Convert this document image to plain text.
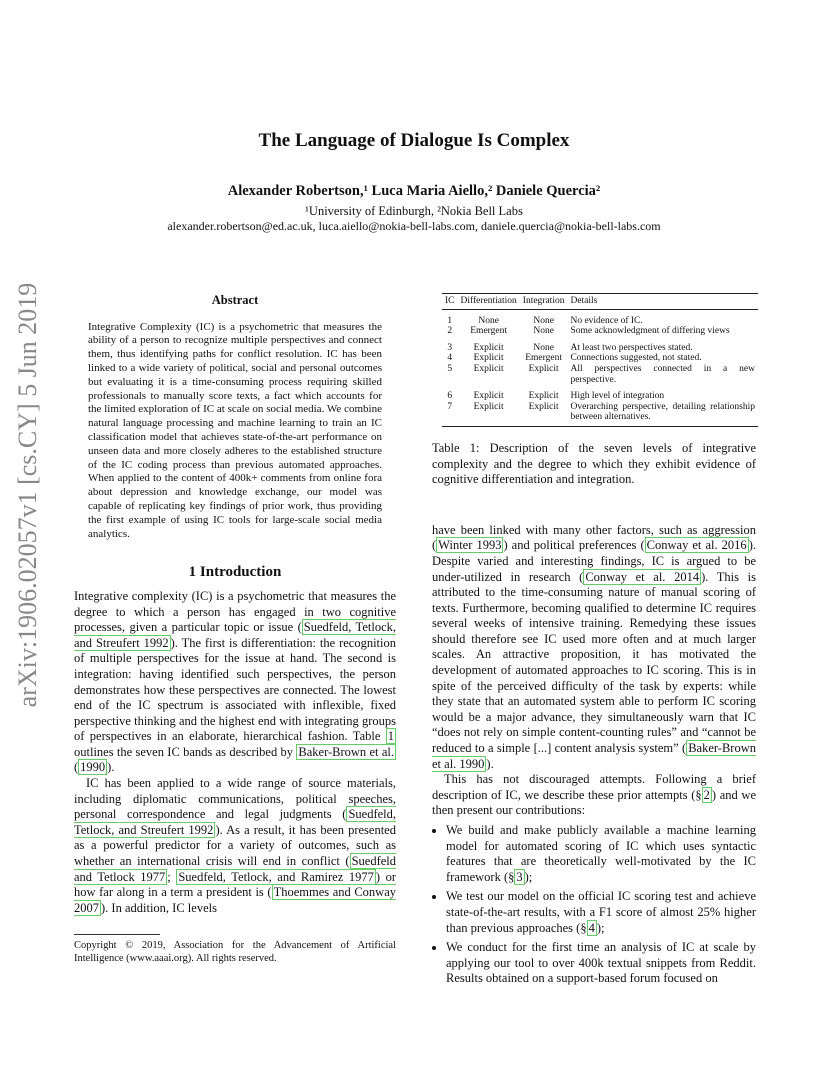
The Language of Dialogue Is Complex
Alexander Robertson,¹ Luca Maria Aiello,² Daniele Quercia²
¹University of Edinburgh, ²Nokia Bell Labs
alexander.robertson@ed.ac.uk, luca.aiello@nokia-bell-labs.com, daniele.quercia@nokia-bell-labs.com
arXiv:1906.02057v1 [cs.CY] 5 Jun 2019	Abstract
Integrative Complexity (IC) is a psychometric that measures the ability of a person to recognize multiple perspectives and connect them, thus identifying paths for conflict resolution. IC has been linked to a wide variety of political, social and personal outcomes but evaluating it is a time-consuming process requiring skilled professionals to manually score texts, a fact which accounts for the limited exploration of IC at scale on social media. We combine natural language processing and machine learning to train an IC classification model that achieves state-of-the-art performance on unseen data and more closely adheres to the established structure of the IC coding process than previous automated approaches. When applied to the content of 400k+ comments from online fora about depression and knowledge exchange, our model was capable of replicating key findings of prior work, thus providing the first example of using IC tools for large-scale social media analytics.
1 Introduction

Integrative complexity (IC) is a psychometric that measures the degree to which a person has engaged in two cognitive processes, given a particular topic or issue ( Suedfeld, Tetlock, and Streufert 1992 ). The first is differentiation: the recognition of multiple perspectives for the issue at hand. The second is integration: having identified such perspectives, the person demonstrates how these perspectives are connected. The lowest end of the IC spectrum is associated with inflexible, fixed perspective thinking and the highest end with integrating groups of perspectives in an elaborate, hierarchical fashion. Table 1 outlines the seven IC bands as described by Baker-Brown et al. ( 1990 ).

IC has been applied to a wide range of source materials, including diplomatic communications, political speeches, personal correspondence and legal judgments ( Suedfeld, Tetlock, and Streufert 1992 ). As a result, it has been presented as a powerful predictor for a variety of outcomes, such as whether an international crisis will end in conflict ( Suedfeld and Tetlock 1977 ; Suedfeld, Tetlock, and Ramirez 1977 ) or how far along in a term a president is ( Thoemmes and Conway 2007 ). In addition, IC levels

Copyright © 2019, Association for the Advancement of Artificial Intelligence (www.aaai.org). All rights reserved.
IC	Differentiation	Integration	Details
1	None	None	No evidence of IC.
2	Emergent	None	Some acknowledgment of differing views
3	Explicit	None	At least two perspectives stated.
4	Explicit	Emergent	Connections suggested, not stated.
5	Explicit	Explicit	All perspectives connected in a new perspective.
6	Explicit	Explicit	High level of integration
7	Explicit	Explicit	Overarching perspective, detailing relationship between alternatives.

Table 1: Description of the seven levels of integrative complexity and the degree to which they exhibit evidence of cognitive differentiation and integration.

have been linked with many other factors, such as aggression ( Winter 1993 ) and political preferences ( Conway et al. 2016 ). Despite varied and interesting findings, IC is argued to be under-utilized in research ( Conway et al. 2014 ). This is attributed to the time-consuming nature of manual scoring of texts. Furthermore, becoming qualified to determine IC requires several weeks of intensive training. Remedying these issues should therefore see IC used more often and at much larger scales. An attractive proposition, it has motivated the development of automated approaches to IC scoring. This is in spite of the perceived difficulty of the task by experts: while they state that an automated system able to perform IC scoring would be a major advance, they simultaneously warn that IC “does not rely on simple content-counting rules” and “cannot be reduced to a simple [...] content analysis system” ( Baker-Brown et al. 1990 ).

This has not discouraged attempts. Following a brief description of IC, we describe these prior attempts (§ 2 ) and we then present our contributions:

• We build and make publicly available a machine learning model for automated scoring of IC which uses syntactic features that are theoretically well-motivated by the IC framework (§ 3 );
• We test our model on the official IC scoring test and achieve state-of-the-art results, with a F1 score of almost 25% higher than previous approaches (§ 4 );
• We conduct for the first time an analysis of IC at scale by applying our tool to over 400k textual snippets from Reddit. Results obtained on a support-based forum focused on
